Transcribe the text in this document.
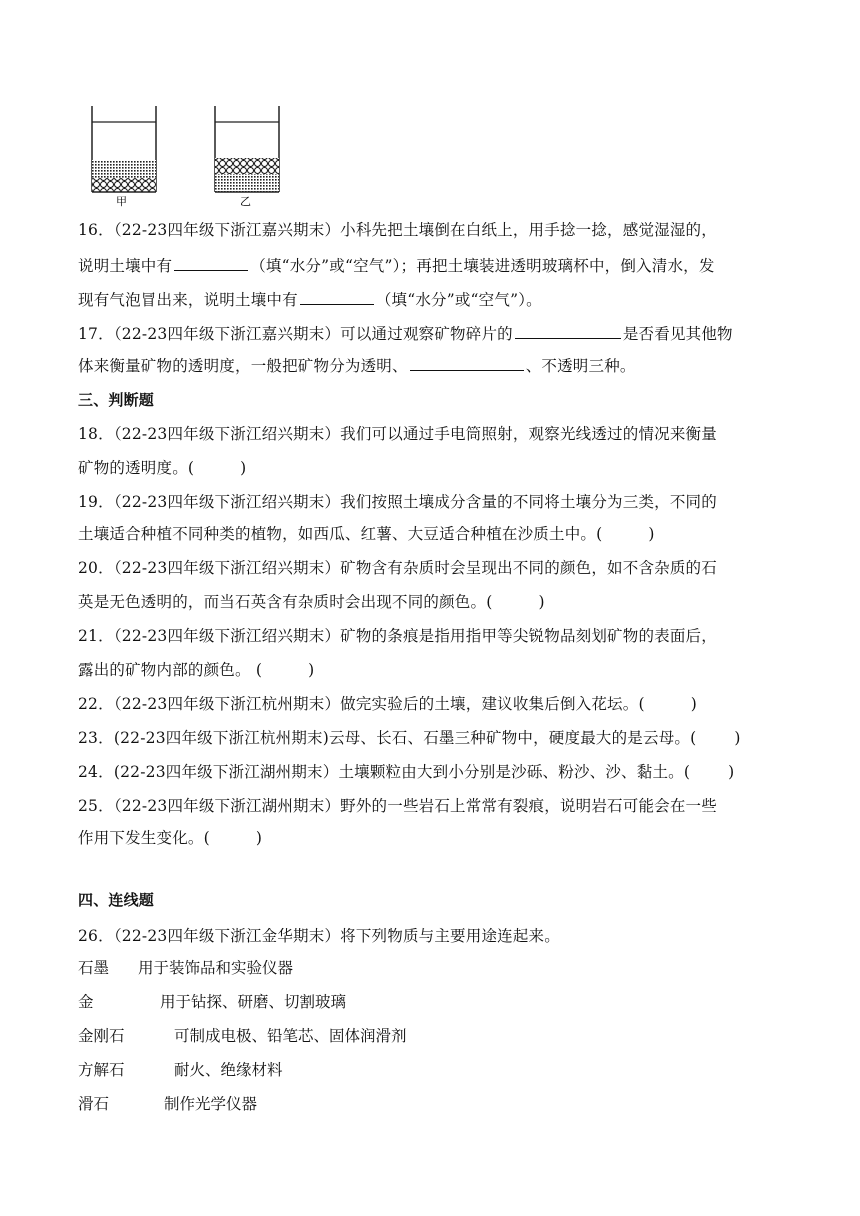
甲	乙
16．（22-23四年级下浙江嘉兴期末）小科先把土壤倒在白纸上，用手捻一捻，感觉湿湿的，
说明土壤中有	（填“水分”或“空气”）；再把土壤装进透明玻璃杯中，倒入清水，发
现有气泡冒出来，说明土壤中有	（填“水分”或“空气”）。
17．（22-23四年级下浙江嘉兴期末）可以通过观察矿物碎片的	是否看见其他物
体来衡量矿物的透明度，一般把矿物分为透明、	、不透明三种。
三、判断题
18．（22-23四年级下浙江绍兴期末）我们可以通过手电筒照射，观察光线透过的情况来衡量
矿物的透明度。(	)
19．（22-23四年级下浙江绍兴期末）我们按照土壤成分含量的不同将土壤分为三类，不同的
土壤适合种植不同种类的植物，如西瓜、红薯、大豆适合种植在沙质土中。(	)
20．（22-23四年级下浙江绍兴期末）矿物含有杂质时会呈现出不同的颜色，如不含杂质的石
英是无色透明的，而当石英含有杂质时会出现不同的颜色。(	)
21．（22-23四年级下浙江绍兴期末）矿物的条痕是指用指甲等尖锐物品刻划矿物的表面后，
露出的矿物内部的颜色。 (	)
22．（22-23四年级下浙江杭州期末）做完实验后的土壤，建议收集后倒入花坛。(	)
23．(22-23四年级下浙江杭州期末)云母、长石、石墨三种矿物中，硬度最大的是云母。( )
24．(22-23四年级下浙江湖州期末）土壤颗粒由大到小分别是沙砾、粉沙、沙、黏土。( )
25．（22-23四年级下浙江湖州期末）野外的一些岩石上常常有裂痕，说明岩石可能会在一些
作用下发生变化。(	)
四、连线题
26．（22-23四年级下浙江金华期末）将下列物质与主要用途连起来。
石墨 用于装饰品和实验仪器
金	用于钻探、研磨、切割玻璃
金刚石	可制成电极、铅笔芯、固体润滑剂
方解石	耐火、绝缘材料
滑石	制作光学仪器
